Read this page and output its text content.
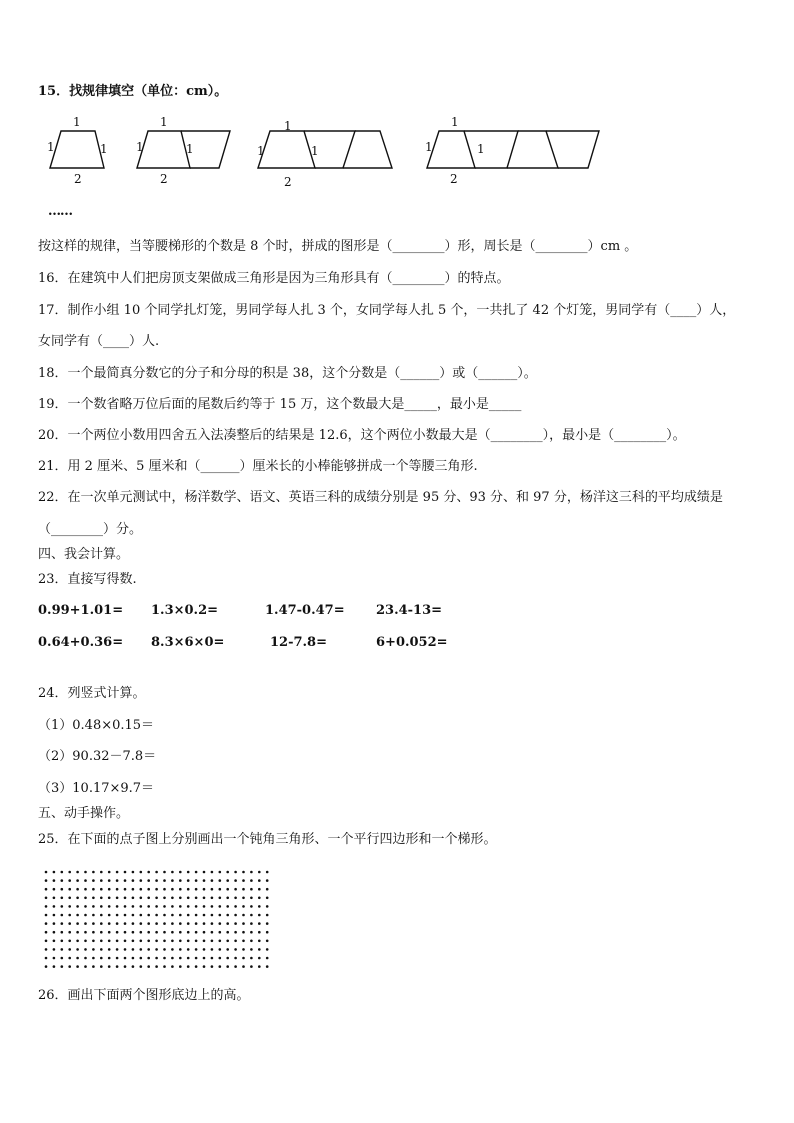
15．找规律填空（单位：cm）。
1
1	1
2
1
1	1
2
1
1	1
2
1
1	1
2
……
按这样的规律，当等腰梯形的个数是 8 个时，拼成的图形是（________）形，周长是（________）cm 。
16．在建筑中人们把房顶支架做成三角形是因为三角形具有（________）的特点。
17．制作小组 10 个同学扎灯笼，男同学每人扎 3 个，女同学每人扎 5 个，一共扎了 42 个灯笼，男同学有（____）人，
女同学有（____）人.
18．一个最简真分数它的分子和分母的积是 38，这个分数是（______）或（______）。
19．一个数省略万位后面的尾数后约等于 15 万，这个数最大是_____，最小是_____
20．一个两位小数用四舍五入法凑整后的结果是 12.6，这个两位小数最大是（________），最小是（________）。
21．用 2 厘米、5 厘米和（______）厘米长的小棒能够拼成一个等腰三角形.
22．在一次单元测试中，杨洋数学、语文、英语三科的成绩分别是 95 分、93 分、和 97 分，杨洋这三科的平均成绩是
（________）分。
四、我会计算。
23．直接写得数.
0.99+1.01= 1.3×0.2=	1.47-0.47= 23.4-13=
0.64+0.36= 8.3×6×0=	12-7.8=	6+0.052=
24．列竖式计算。
（1）0.48×0.15＝
（2）90.32－7.8＝
（3）10.17×9.7＝
五、动手操作。
25．在下面的点子图上分别画出一个钝角三角形、一个平行四边形和一个梯形。
26．画出下面两个图形底边上的高。
